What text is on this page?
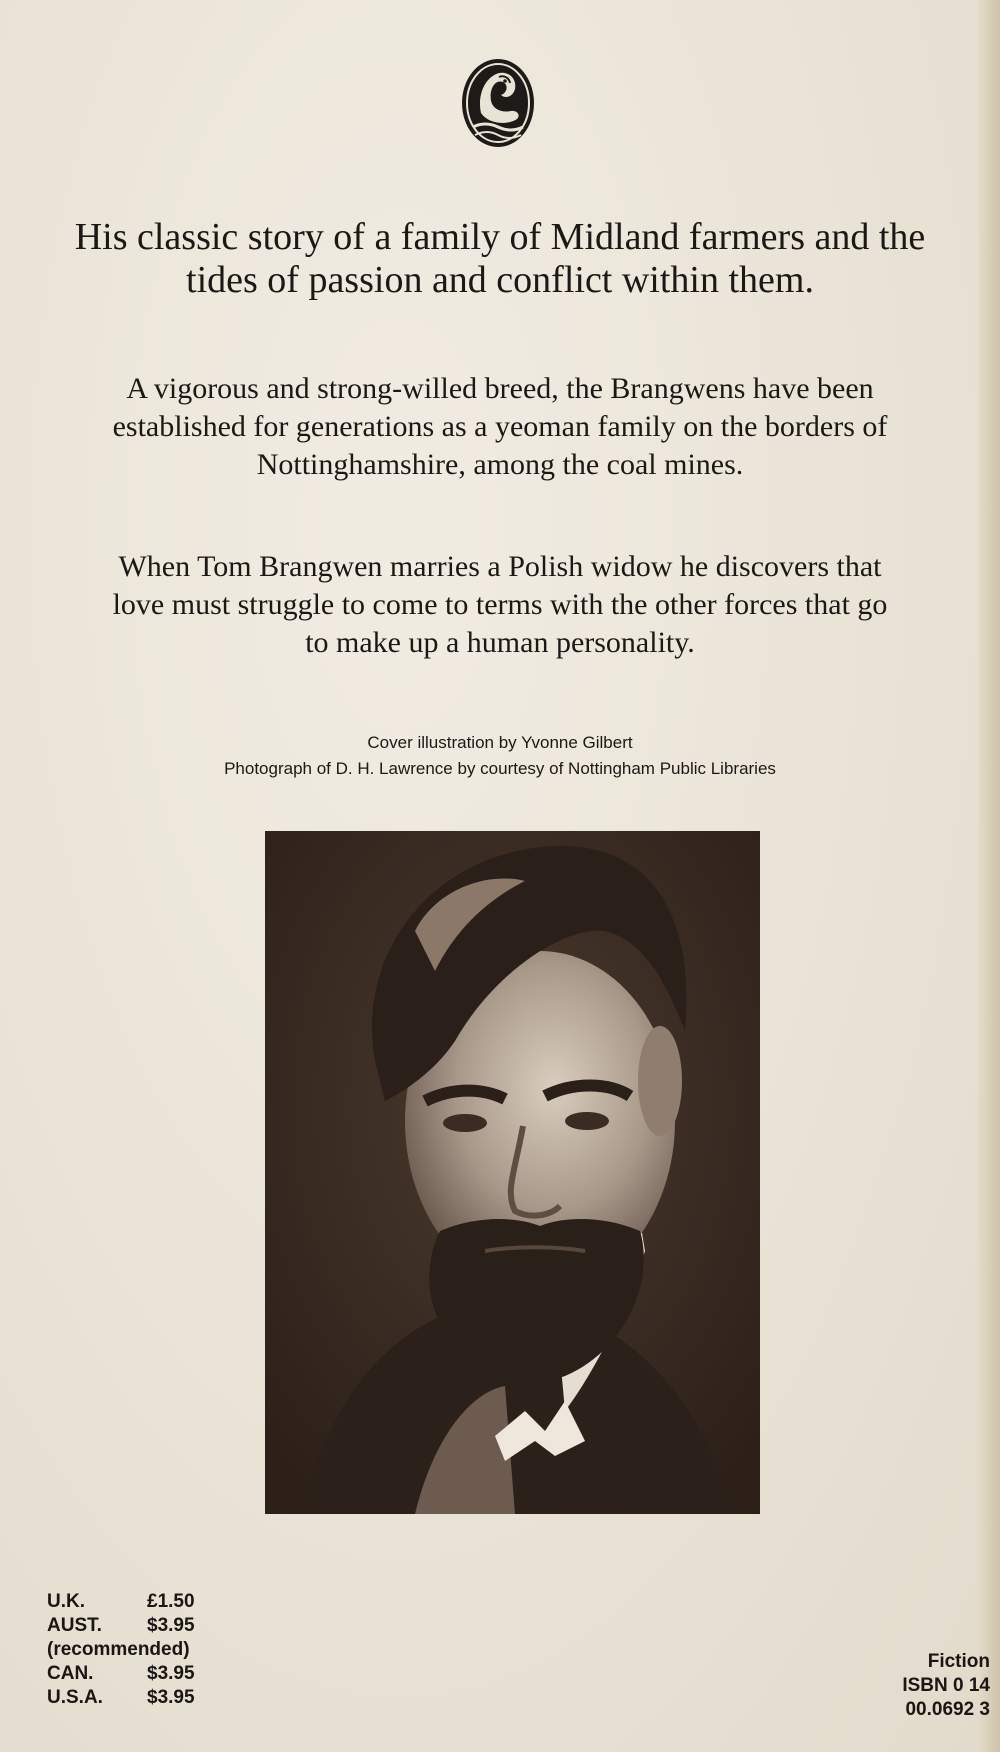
His classic story of a family of Midland farmers and the tides of passion and conflict within them.

A vigorous and strong-willed breed, the Brangwens have been established for generations as a yeoman family on the borders of Nottinghamshire, among the coal mines.

When Tom Brangwen marries a Polish widow he discovers that love must struggle to come to terms with the other forces that go to make up a human personality.

Cover illustration by Yvonne Gilbert
Photograph of D. H. Lawrence by courtesy of Nottingham Public Libraries
U.K.	£1.50
AUST.	$3.95
(recommended)
CAN.	$3.95
U.S.A.	$3.95
Fiction
ISBN 0 14
00.0692 3
